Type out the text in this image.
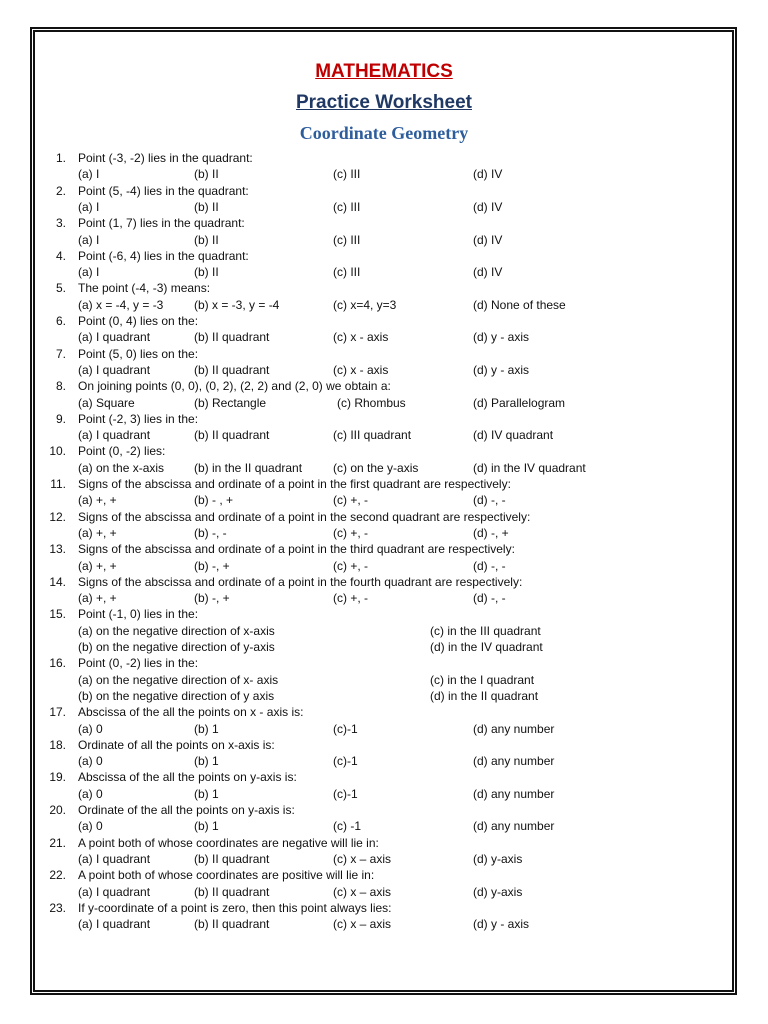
MATHEMATICS
Practice Worksheet
Coordinate Geometry
1. Point (-3, -2) lies in the quadrant:
(a) I	(b) II	(c) III	(d) IV
2. Point (5, -4) lies in the quadrant:
(a) I	(b) II	(c) III	(d) IV
3. Point (1, 7) lies in the quadrant:
(a) I	(b) II	(c) III	(d) IV
4. Point (-6, 4) lies in the quadrant:
(a) I	(b) II	(c) III	(d) IV
5. The point (-4, -3) means:
(a) x = -4, y = -3	(b) x = -3, y = -4	(c) x=4, y=3	(d) None of these
6. Point (0, 4) lies on the:
(a) I quadrant	(b) II quadrant	(c) x - axis	(d) y - axis
7. Point (5, 0) lies on the:
(a) I quadrant	(b) II quadrant	(c) x - axis	(d) y - axis
8. On joining points (0, 0), (0, 2), (2, 2) and (2, 0) we obtain a:
(a) Square	(b) Rectangle	(c) Rhombus	(d) Parallelogram
9. Point (-2, 3) lies in the:
(a) I quadrant	(b) II quadrant	(c) III quadrant	(d) IV quadrant
10. Point (0, -2) lies:
(a) on the x-axis (b) in the II quadrant	(c) on the y-axis	(d) in the IV quadrant
11. Signs of the abscissa and ordinate of a point in the first quadrant are respectively:
(a) +, +	(b) - , +	(c) +, -	(d) -, -
12. Signs of the abscissa and ordinate of a point in the second quadrant are respectively:
(a) +, +	(b) -, -	(c) +, -	(d) -, +
13. Signs of the abscissa and ordinate of a point in the third quadrant are respectively:
(a) +, +	(b) -, +	(c) +, -	(d) -, -
14. Signs of the abscissa and ordinate of a point in the fourth quadrant are respectively:
(a) +, +	(b) -, +	(c) +, -	(d) -, -
15. Point (-1, 0) lies in the:
(a) on the negative direction of x-axis	(c) in the III quadrant
(b) on the negative direction of y-axis	(d) in the IV quadrant
16. Point (0, -2) lies in the:
(a) on the negative direction of x- axis	(c) in the I quadrant
(b) on the negative direction of y axis	(d) in the II quadrant
17. Abscissa of the all the points on x - axis is:
(a) 0	(b) 1	(c)-1	(d) any number
18. Ordinate of all the points on x-axis is:
(a) 0	(b) 1	(c)-1	(d) any number
19. Abscissa of the all the points on y-axis is:
(a) 0	(b) 1	(c)-1	(d) any number
20. Ordinate of the all the points on y-axis is:
(a) 0	(b) 1	(c) -1	(d) any number
21. A point both of whose coordinates are negative will lie in:
(a) I quadrant	(b) II quadrant	(c) x – axis	(d) y-axis
22. A point both of whose coordinates are positive will lie in:
(a) I quadrant	(b) II quadrant	(c) x – axis	(d) y-axis
23. If y-coordinate of a point is zero, then this point always lies:
(a) I quadrant	(b) II quadrant	(c) x – axis	(d) y - axis
